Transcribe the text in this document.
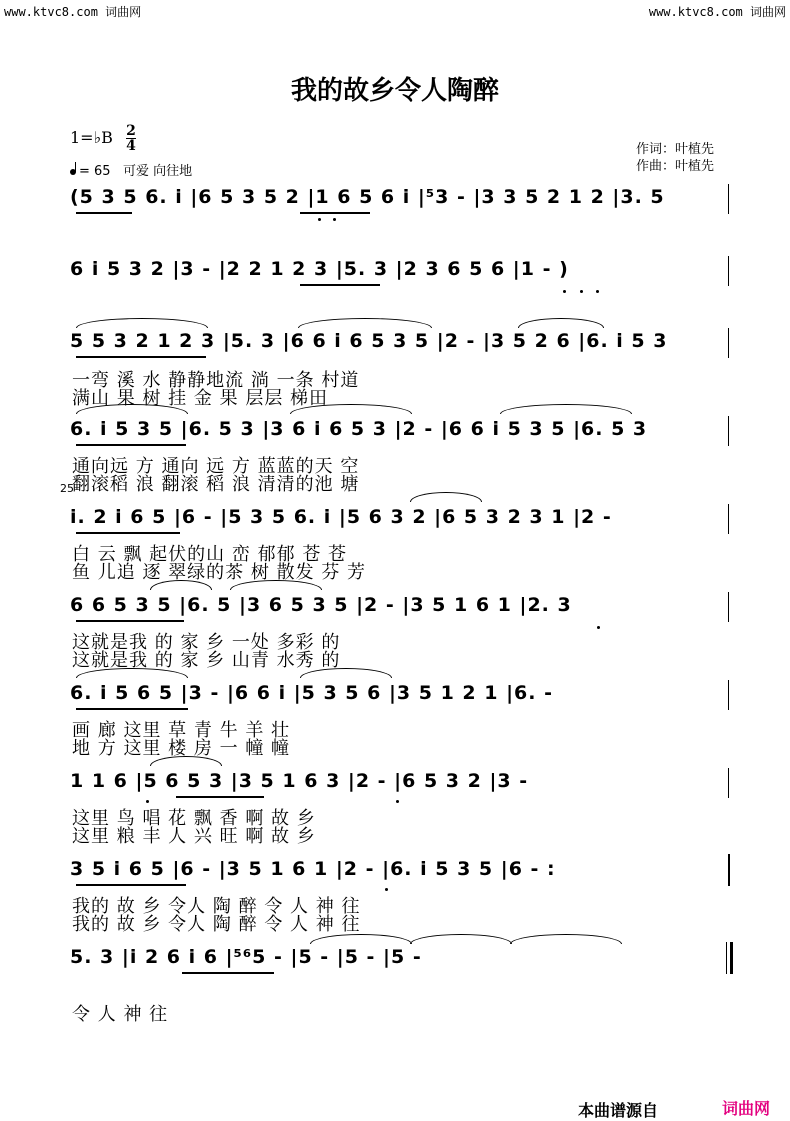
www.ktvc8.com 词曲网	www.ktvc8.com 词曲网
我的故乡令人陶醉
1=♭B 2
4
= 65 可爱 向往地
作词：叶植先
作曲：叶植先
25
(5 3 5 6. i |6 5 3 5 2 |1 6 5 6 i |⁵3 - |3 3 5 2 1 2 |3. 5
6 i 5 3 2 |3 - |2 2 1 2 3 |5. 3 |2 3 6 5 6 |1 - )
5 5 3 2 1 2 3 |5. 3 |6 6 i 6 5 3 5 |2 - |3 5 2 6 |6. i 5 3
一弯 溪 水 静静地流 淌 一条 村道
满山 果 树 挂 金 果 层层 梯田
6. i 5 3 5 |6. 5 3 |3 6 i 6 5 3 |2 - |6 6 i 5 3 5 |6. 5 3
通向远 方 通向 远 方 蓝蓝的天 空
翻滚稻 浪 翻滚 稻 浪 清清的池 塘
i. 2 i 6 5 |6 - |5 3 5 6. i |5 6 3 2 |6 5 3 2 3 1 |2 -
白 云 飘 起伏的山 峦 郁郁 苍 苍
鱼 儿追 逐 翠绿的茶 树 散发 芬 芳
6 6 5 3 5 |6. 5 |3 6 5 3 5 |2 - |3 5 1 6 1 |2. 3
这就是我 的 家 乡 一处 多彩 的
这就是我 的 家 乡 山青 水秀 的
6. i 5 6 5 |3 - |6 6 i |5 3 5 6 |3 5 1 2 1 |6. -
画 廊 这里 草 青 牛 羊 壮
地 方 这里 楼 房 一 幢 幢
1 1 6 |5 6 5 3 |3 5 1 6 3 |2 - |6 5 3 2 |3 -
这里 鸟 唱 花 飘 香 啊 故 乡
这里 粮 丰 人 兴 旺 啊 故 乡
3 5 i 6 5 |6 - |3 5 1 6 1 |2 - |6. i 5 3 5 |6 - :
我的 故 乡 令人 陶 醉 令 人 神 往
我的 故 乡 令人 陶 醉 令 人 神 往
5. 3 |i 2 6 i 6 |⁵⁶5 - |5 - |5 - |5 -
令 人 神 往
本曲谱源自	词曲网
